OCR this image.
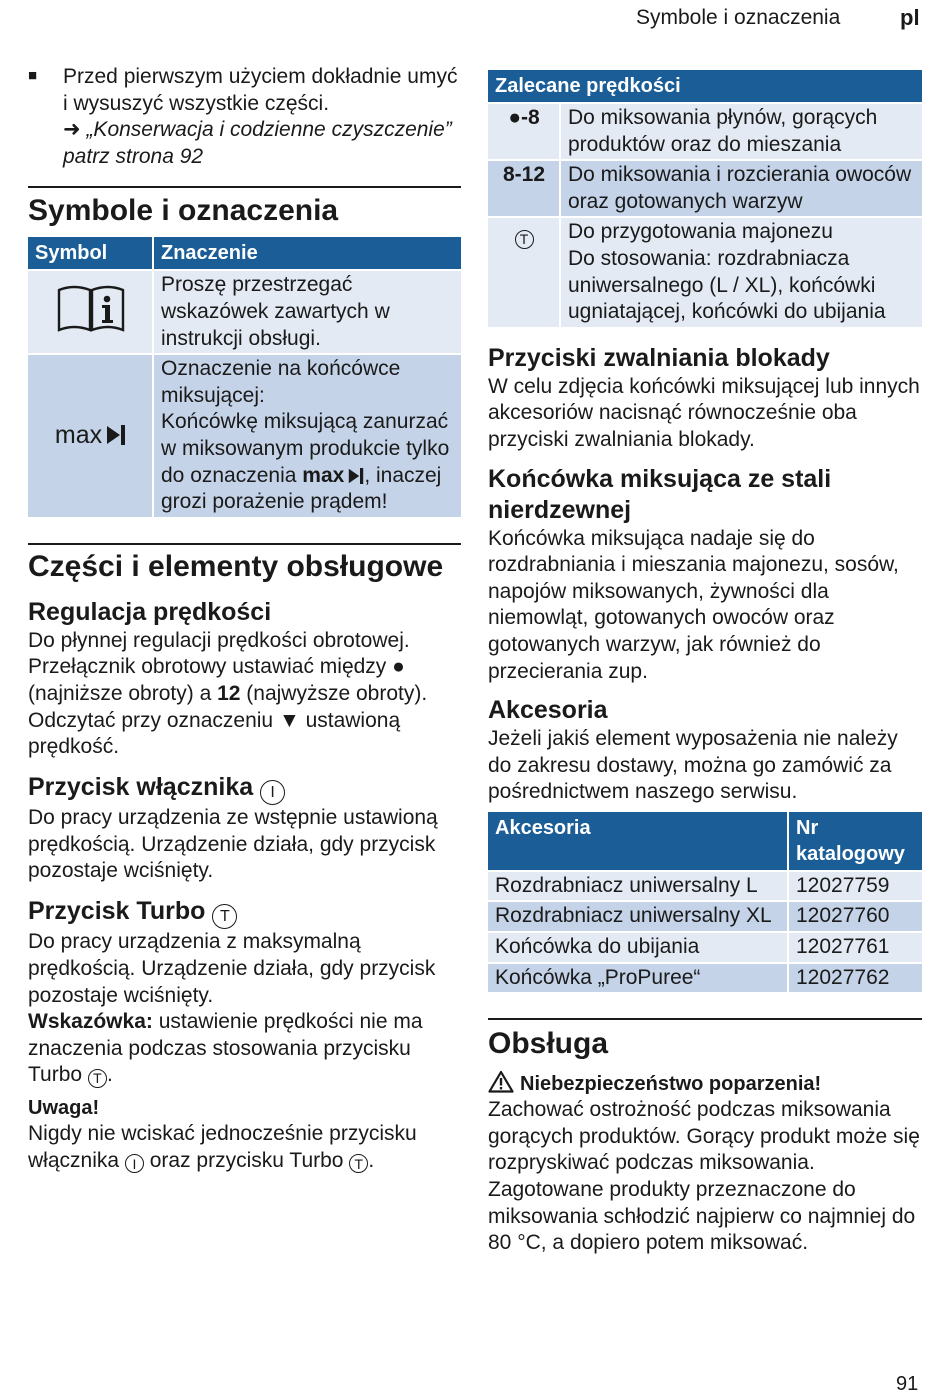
Symbole i oznaczenia	pl
■	Przed pierwszym użyciem dokładnie umyć i wysuszyć wszystkie części.

➜ „Konserwacja i codzienne czyszczenie” patrz strona 92

Symbole i oznaczenia
Symbol	Znaczenie
	Proszę przestrzegać wskazówek zawartych w instrukcji obsługi.

max	Oznaczenie na końcówce miksującej:
Końcówkę miksującą zanurzać w miksowanym produkcie tylko do oznaczenia max , inaczej grozi porażenie prądem!
Części i elementy obsługowe
Regulacja prędkości

Do płynnej regulacji prędkości obrotowej. Przełącznik obrotowy ustawiać między ● (najniższe obroty) a 12 (najwyższe obroty). Odczytać przy oznaczeniu ▼ ustawioną prędkość.

Przycisk włącznika I

Do pracy urządzenia ze wstępnie ustawioną prędkością. Urządzenie działa, gdy przycisk pozostaje wciśnięty.

Przycisk Turbo T

Do pracy urządzenia z maksymalną prędkością. Urządzenie działa, gdy przycisk pozostaje wciśnięty.

Wskazówka: ustawienie prędkości nie ma znaczenia podczas stosowania przycisku Turbo T .

Uwaga!

Nigdy nie wciskać jednocześnie przycisku włącznika I oraz przycisku Turbo T .

Zalecane prędkości	
●-8	Do miksowania płynów, gorących produktów oraz do mieszania
8-12	Do miksowania i rozcierania owoców oraz gotowanych warzyw
T	Do przygotowania majonezu
Do stosowania: rozdrabniacza uniwersalnego (L / XL), końcówki ugniatającej, końcówki do ubijania
Przyciski zwalniania blokady

W celu zdjęcia końcówki miksującej lub innych akcesoriów nacisnąć równocześnie oba przyciski zwalniania blokady.

Końcówka miksująca ze stali nierdzewnej

Końcówka miksująca nadaje się do rozdrabniania i mieszania majonezu, sosów, napojów miksowanych, żywności dla niemowląt, gotowanych owoców oraz gotowanych warzyw, jak również do przecierania zup.

Akcesoria

Jeżeli jakiś element wyposażenia nie należy do zakresu dostawy, można go zamówić za pośrednictwem naszego serwisu.

Akcesoria	Nr katalogowy
Rozdrabniacz uniwersalny L	12027759
Rozdrabniacz uniwersalny XL	12027760
Końcówka do ubijania	12027761
Końcówka „ProPuree“	12027762
Obsługa
Niebezpieczeństwo poparzenia!

Zachować ostrożność podczas miksowania gorących produktów. Gorący produkt może się rozpryskiwać podczas miksowania. Zagotowane produkty przeznaczone do miksowania schłodzić najpierw co najmniej do 80 °C, a dopiero potem miksować.

91
